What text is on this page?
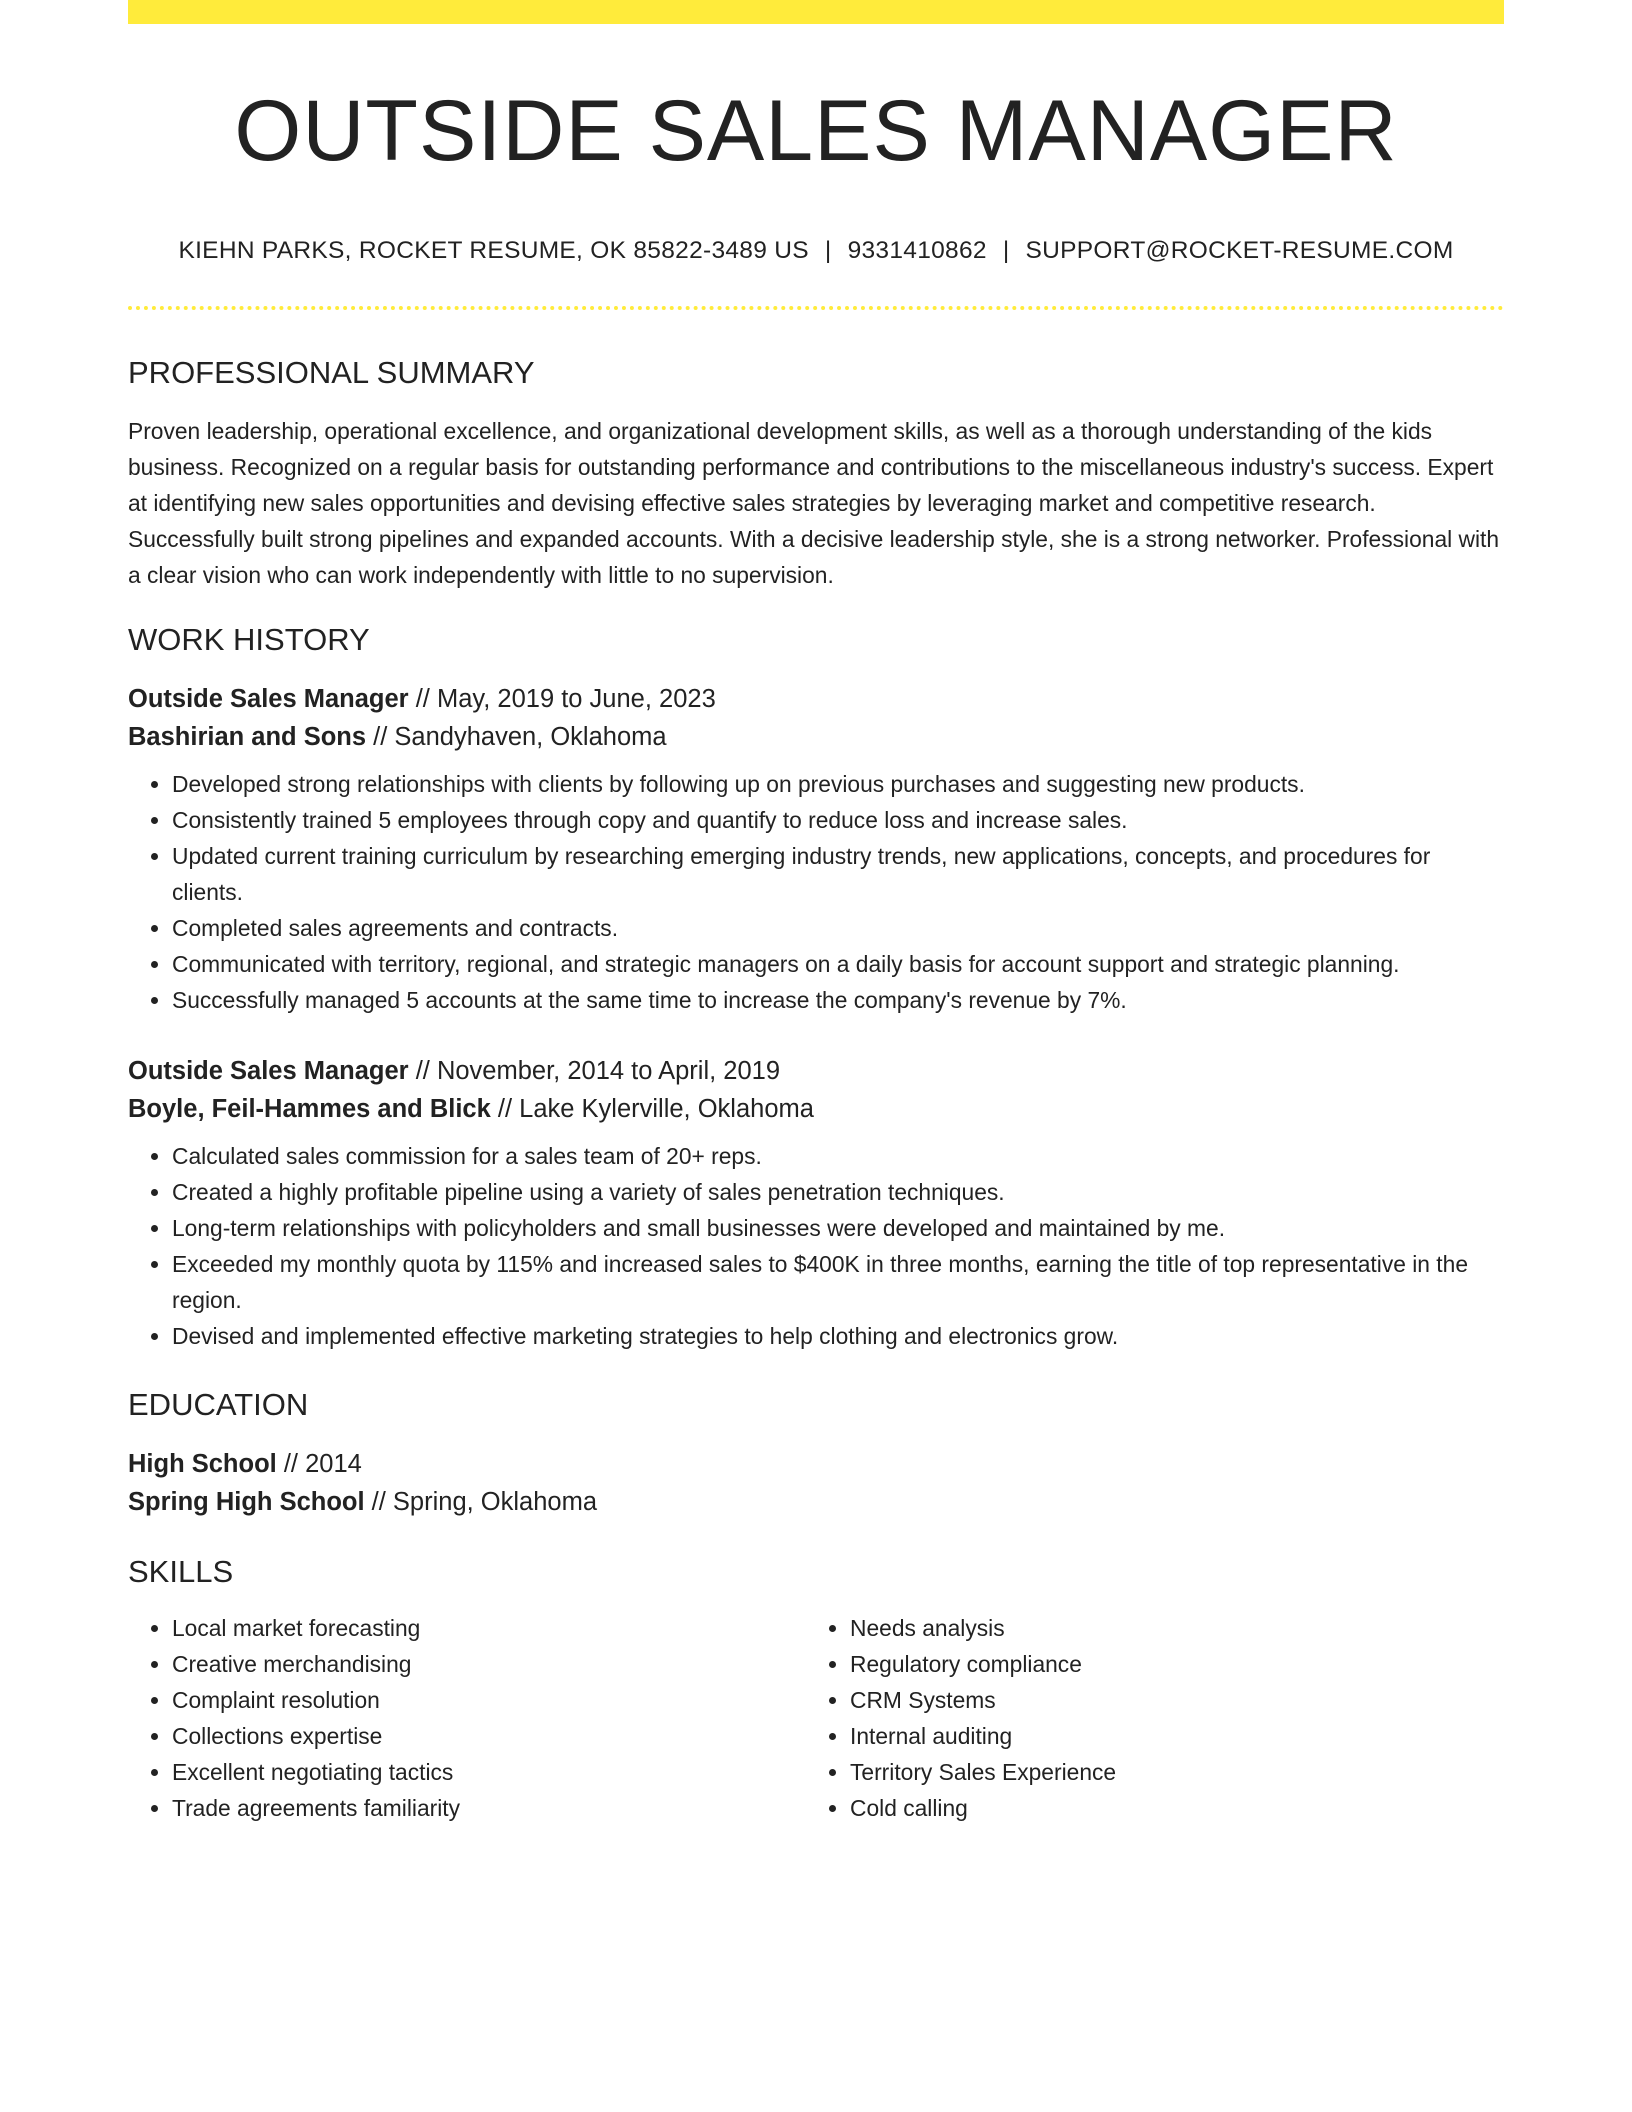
OUTSIDE SALES MANAGER
KIEHN PARKS, ROCKET RESUME, OK 85822-3489 US | 9331410862 | SUPPORT@ROCKET-RESUME.COM
PROFESSIONAL SUMMARY

Proven leadership, operational excellence, and organizational development skills, as well as a thorough understanding of the kids business. Recognized on a regular basis for outstanding performance and contributions to the miscellaneous industry's success. Expert at identifying new sales opportunities and devising effective sales strategies by leveraging market and competitive research. Successfully built strong pipelines and expanded accounts. With a decisive leadership style, she is a strong networker. Professional with a clear vision who can work independently with little to no supervision.

WORK HISTORY
Outside Sales Manager // May, 2019 to June, 2023
Bashirian and Sons // Sandyhaven, Oklahoma
• Developed strong relationships with clients by following up on previous purchases and suggesting new products.
• Consistently trained 5 employees through copy and quantify to reduce loss and increase sales.
• Updated current training curriculum by researching emerging industry trends, new applications, concepts, and procedures for clients.
• Completed sales agreements and contracts.
• Communicated with territory, regional, and strategic managers on a daily basis for account support and strategic planning.
• Successfully managed 5 accounts at the same time to increase the company's revenue by 7%.
Outside Sales Manager // November, 2014 to April, 2019
Boyle, Feil-Hammes and Blick // Lake Kylerville, Oklahoma
• Calculated sales commission for a sales team of 20+ reps.
• Created a highly profitable pipeline using a variety of sales penetration techniques.
• Long-term relationships with policyholders and small businesses were developed and maintained by me.
• Exceeded my monthly quota by 115% and increased sales to $400K in three months, earning the title of top representative in the region.
• Devised and implemented effective marketing strategies to help clothing and electronics grow.
EDUCATION
High School // 2014
Spring High School // Spring, Oklahoma
SKILLS
• Local market forecasting
• Creative merchandising
• Complaint resolution
• Collections expertise
• Excellent negotiating tactics
• Trade agreements familiarity
• Needs analysis
• Regulatory compliance
• CRM Systems
• Internal auditing
• Territory Sales Experience
• Cold calling
